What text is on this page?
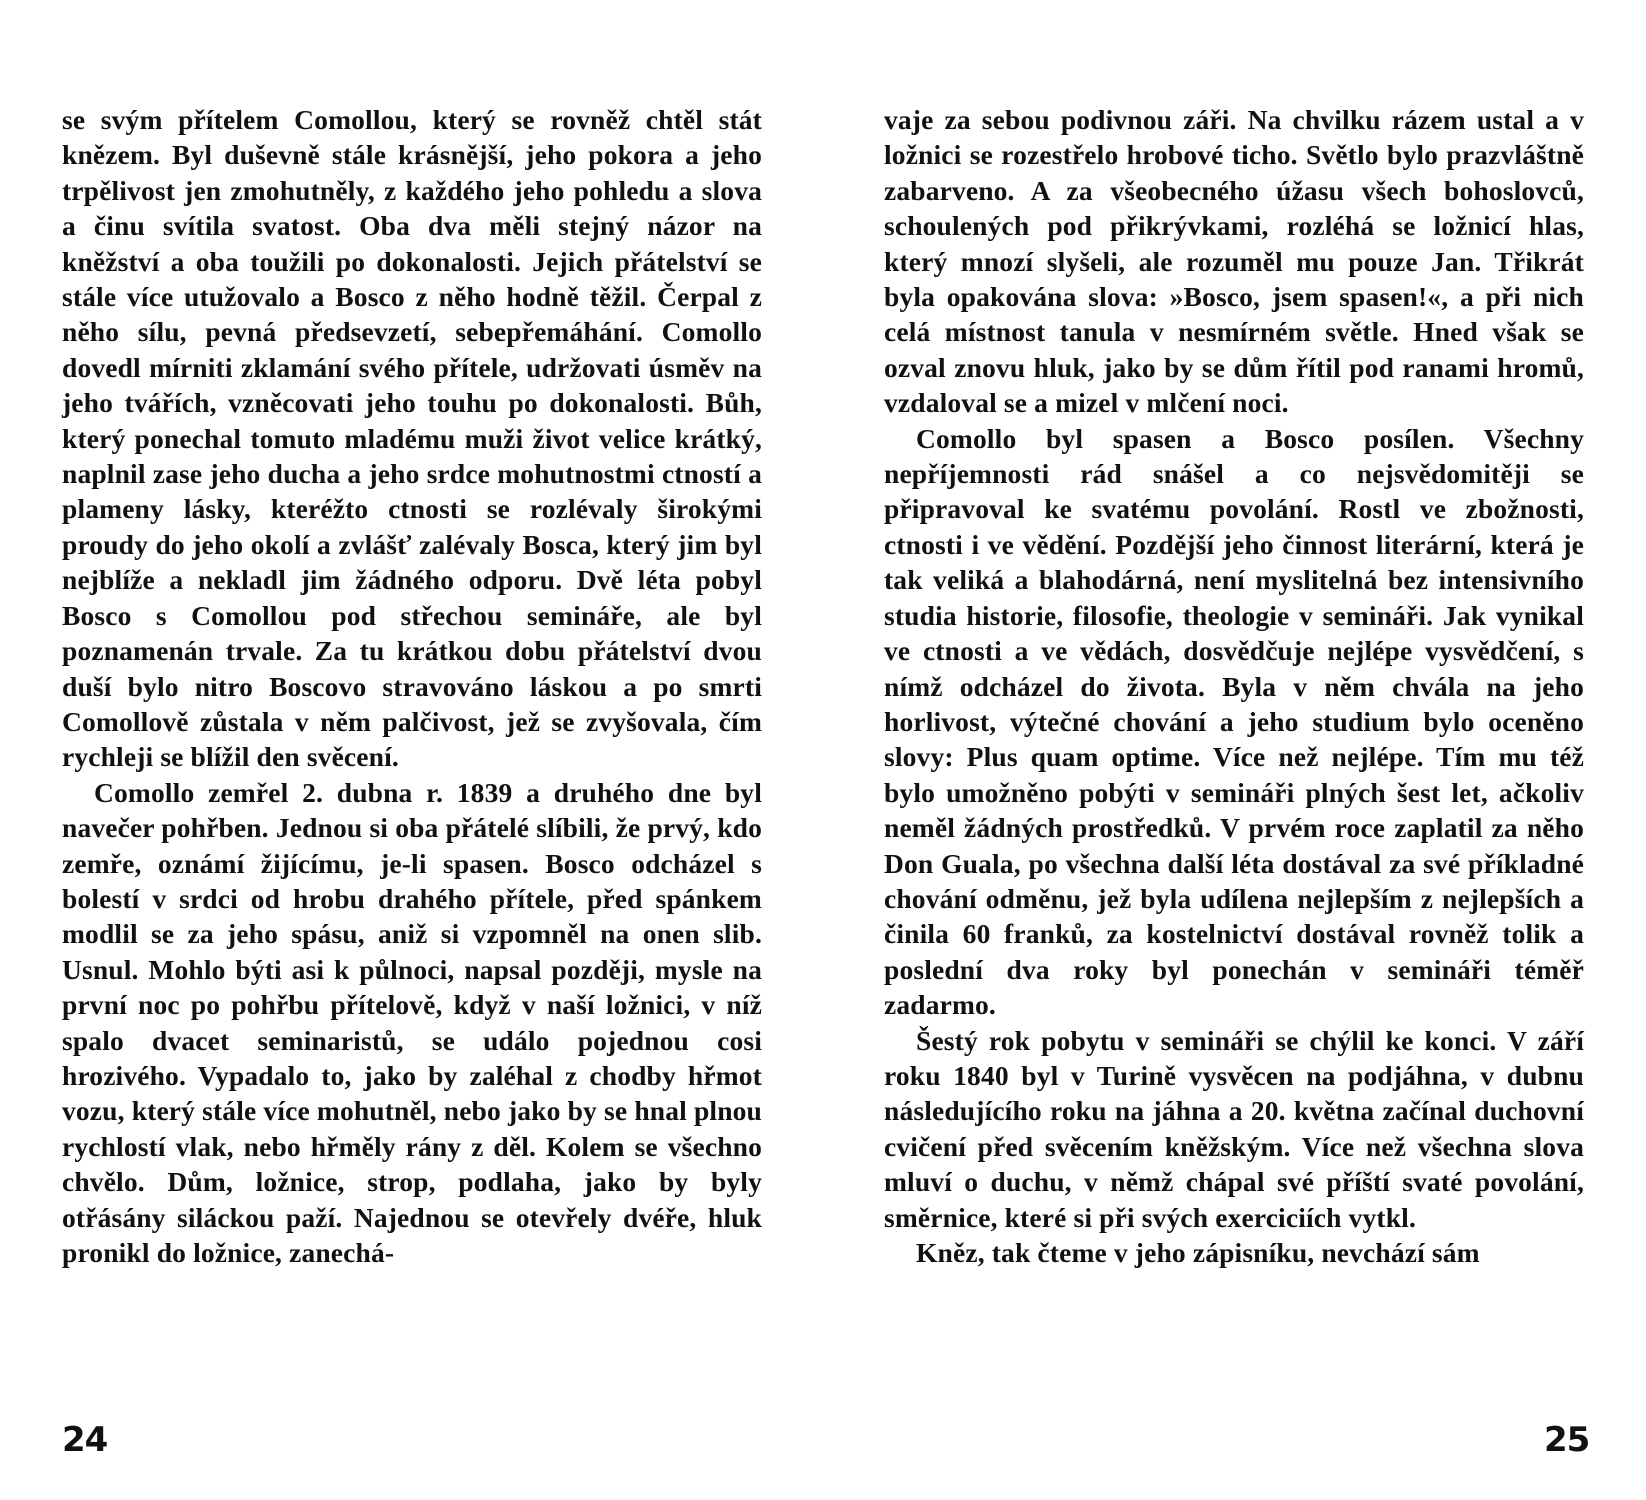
se svým přítelem Comollou, který se rovněž chtěl stát knězem. Byl duševně stále krásnější, jeho pokora a jeho trpělivost jen zmohutněly, z každého jeho pohledu a slova a činu svítila svatost. Oba dva měli stejný názor na kněžství a oba toužili po dokonalosti. Jejich přátelství se stále více utužovalo a Bosco z něho hodně těžil. Čerpal z něho sílu, pevná předsevzetí, sebepřemáhání. Comollo dovedl mírniti zklamání svého přítele, udržovati úsměv na jeho tvářích, vzněcovati jeho touhu po dokonalosti. Bůh, který ponechal tomuto mladému muži život velice krátký, naplnil zase jeho ducha a jeho srdce mohutnostmi ctností a plameny lásky, kteréžto ctnosti se rozlévaly širokými proudy do jeho okolí a zvlášť zalévaly Bosca, který jim byl nejblíže a nekladl jim žádného odporu. Dvě léta pobyl Bosco s Comollou pod střechou semináře, ale byl poznamenán trvale. Za tu krátkou dobu přátelství dvou duší bylo nitro Boscovo stravováno láskou a po smrti Comollově zůstala v něm palčivost, jež se zvyšovala, čím rychleji se blížil den svěcení.

Comollo zemřel 2. dubna r. 1839 a druhého dne byl navečer pohřben. Jednou si oba přátelé slíbili, že prvý, kdo zemře, oznámí žijícímu, je-li spasen. Bosco odcházel s bolestí v srdci od hrobu drahého přítele, před spánkem modlil se za jeho spásu, aniž si vzpomněl na onen slib. Usnul. Mohlo býti asi k půlnoci, napsal později, mysle na první noc po pohřbu přítelově, když v naší ložnici, v níž spalo dvacet seminaristů, se událo pojednou cosi hrozivého. Vypadalo to, jako by zaléhal z chodby hřmot vozu, který stále více mohutněl, nebo jako by se hnal plnou rychlostí vlak, nebo hřměly rány z děl. Kolem se všechno chvělo. Dům, ložnice, strop, podlaha, jako by byly otřásány siláckou paží. Najednou se otevřely dvéře, hluk pronikl do ložnice, zanechá-

vaje za sebou podivnou záři. Na chvilku rázem ustal a v ložnici se rozestřelo hrobové ticho. Světlo bylo prazvláštně zabarveno. A za všeobecného úžasu všech bohoslovců, schoulených pod přikrývkami, rozléhá se ložnicí hlas, který mnozí slyšeli, ale rozuměl mu pouze Jan. Třikrát byla opakována slova: »Bosco, jsem spasen!«, a při nich celá místnost tanula v nesmírném světle. Hned však se ozval znovu hluk, jako by se dům řítil pod ranami hromů, vzdaloval se a mizel v mlčení noci.

Comollo byl spasen a Bosco posílen. Všechny nepříjemnosti rád snášel a co nejsvědomitěji se připravoval ke svatému povolání. Rostl ve zbožnosti, ctnosti i ve vědění. Pozdější jeho činnost literární, která je tak veliká a blahodárná, není myslitelná bez intensivního studia historie, filosofie, theologie v semináři. Jak vynikal ve ctnosti a ve vědách, dosvědčuje nejlépe vysvědčení, s nímž odcházel do života. Byla v něm chvála na jeho horlivost, výtečné chování a jeho studium bylo oceněno slovy: Plus quam optime. Více než nejlépe. Tím mu též bylo umožněno pobýti v semináři plných šest let, ačkoliv neměl žádných prostředků. V prvém roce zaplatil za něho Don Guala, po všechna další léta dostával za své příkladné chování odměnu, jež byla udílena nejlepším z nejlepších a činila 60 franků, za kostelnictví dostával rovněž tolik a poslední dva roky byl ponechán v semináři téměř zadarmo.

Šestý rok pobytu v semináři se chýlil ke konci. V září roku 1840 byl v Turině vysvěcen na podjáhna, v dubnu následujícího roku na jáhna a 20. května začínal duchovní cvičení před svěcením kněžským. Více než všechna slova mluví o duchu, v němž chápal své příští svaté povolání, směrnice, které si při svých exerciciích vytkl.

Kněz, tak čteme v jeho zápisníku, nevchází sám

24	25
